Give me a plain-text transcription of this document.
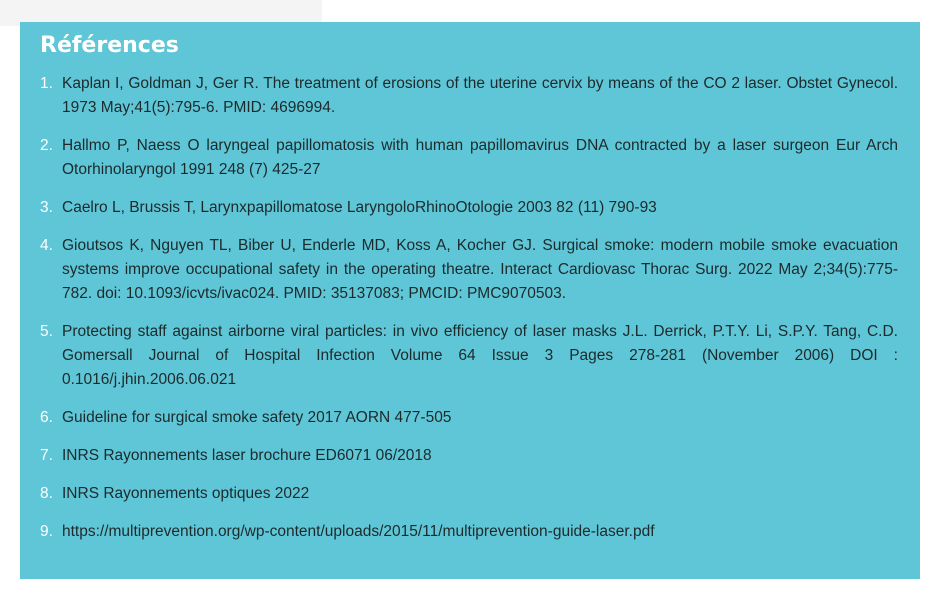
Références
1. Kaplan I, Goldman J, Ger R. The treatment of erosions of the uterine cervix by means of the CO 2 laser. Obstet Gynecol. 1973 May;41(5):795-6. PMID: 4696994.
2. Hallmo P, Naess O laryngeal papillomatosis with human papillomavirus DNA contracted by a laser surgeon Eur Arch Otorhinolaryngol 1991 248 (7) 425-27
3. Caelro L, Brussis T, Larynxpapillomatose LaryngoloRhinoOtologie 2003 82 (11) 790-93
4. Gioutsos K, Nguyen TL, Biber U, Enderle MD, Koss A, Kocher GJ. Surgical smoke: modern mobile smoke evacuation systems improve occupational safety in the operating theatre. Interact Cardiovasc Thorac Surg. 2022 May 2;34(5):775-782. doi: 10.1093/icvts/ivac024. PMID: 35137083; PMCID: PMC9070503.
5. Protecting staff against airborne viral particles: in vivo efficiency of laser masks J.L. Derrick, P.T.Y. Li, S.P.Y. Tang, C.D. Gomersall Journal of Hospital Infection Volume 64 Issue 3 Pages 278-281 (November 2006) DOI : 0.1016/j.jhin.2006.06.021
6. Guideline for surgical smoke safety 2017 AORN 477-505
7. INRS Rayonnements laser brochure ED6071 06/2018
8. INRS Rayonnements optiques 2022
9. https://multiprevention.org/wp-content/uploads/2015/11/multiprevention-guide-laser.pdf
